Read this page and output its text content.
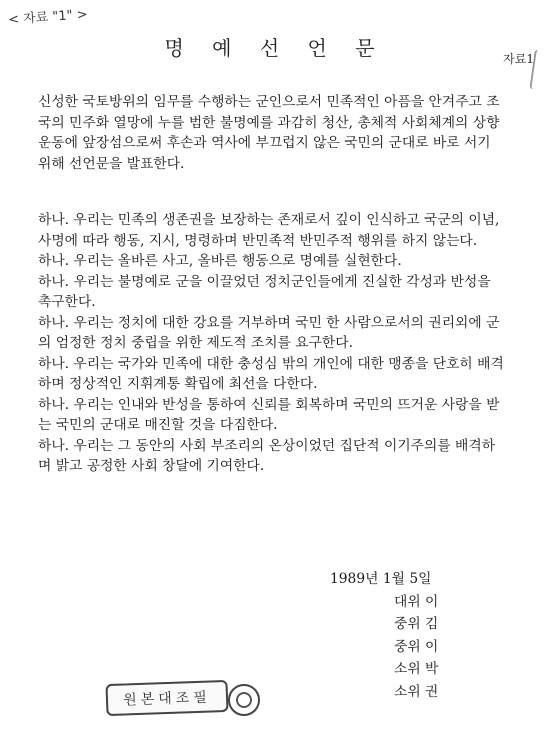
< 자료 "1" >
명 예 선 언 문	자료1

신성한 국토방위의 임무를 수행하는 군인으로서 민족적인 아픔을 안겨주고 조국의 민주화 열망에 누를 범한 불명예를 과감히 청산, 총체적 사회체계의 상향운동에 앞장섬으로써 후손과 역사에 부끄럽지 않은 국민의 군대로 바로 서기 위해 선언문을 발표한다.

하나. 우리는 민족의 생존권을 보장하는 존재로서 깊이 인식하고 국군의 이념, 사명에 따라 행동, 지시, 명령하며 반민족적 반민주적 행위를 하지 않는다.

하나. 우리는 올바른 사고, 올바른 행동으로 명예를 실현한다.

하나. 우리는 불명예로 군을 이끌었던 정치군인들에게 진실한 각성과 반성을 촉구한다.

하나. 우리는 정치에 대한 강요를 거부하며 국민 한 사람으로서의 권리외에 군의 엄정한 정치 중립을 위한 제도적 조치를 요구한다.

하나. 우리는 국가와 민족에 대한 충성심 밖의 개인에 대한 맹종을 단호히 배격하며 정상적인 지휘계통 확립에 최선을 다한다.

하나. 우리는 인내와 반성을 통하여 신뢰를 회복하며 국민의 뜨거운 사랑을 받는 국민의 군대로 매진할 것을 다짐한다.

하나. 우리는 그 동안의 사회 부조리의 온상이었던 집단적 이기주의를 배격하며 밝고 공정한 사회 창달에 기여한다.

1989년 1월 5일
대위 이
중위 김
중위 이
소위 박
소위 권
원본대조필
